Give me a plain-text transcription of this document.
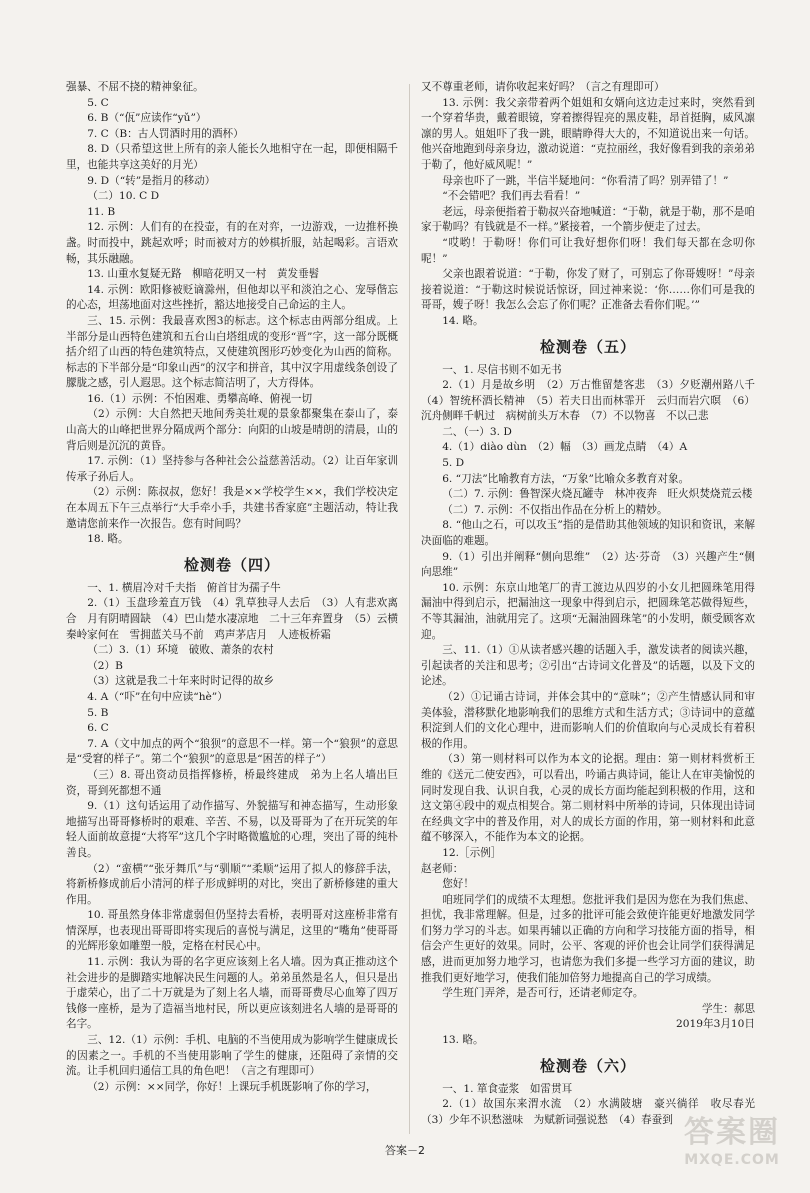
强暴、不屈不挠的精神象征。

5. C

6. B（“佤”应读作“yǔ”）

7. C（B：古人罚酒时用的酒杯）

8. D（只希望这世上所有的亲人能长久地相守在一起，即便相隔千里，也能共享这美好的月光）

9. D（“转”是指月的移动）

（二）10. C D

11. B

12. 示例：人们有的在投壶，有的在对弈，一边游戏，一边推杯换盏。时而投中，跳起欢呼；时而被对方的妙棋折服，站起喝彩。言语欢畅，其乐融融。

13. 山重水复疑无路　柳暗花明又一村　黄发垂髫

14. 示例：欧阳修被贬谪滁州，但他却以平和淡泊之心、宠辱偕忘的心态，坦荡地面对这些挫折，豁达地接受自己命运的主人。

三、15. 示例：我最喜欢图3的标志。这个标志由两部分组成。上半部分是山西特色建筑和五台山白塔组成的变形“晋”字，这一部分既概括介绍了山西的特色建筑特点，又使建筑图形巧妙变化为山西的简称。标志的下半部分是“印象山西”的汉字和拼音，其中汉字用虚线条创设了朦胧之感，引人遐思。这个标志简洁明了，大方得体。

16.（1）示例：不怕困难、勇攀高峰、俯视一切

（2）示例：大自然把天地间秀美壮观的景象都聚集在泰山了，泰山高大的山峰把世界分隔成两个部分：向阳的山坡是晴朗的清晨，山的背后则是沉沉的黄昏。

17. 示例：（1）坚持参与各种社会公益慈善活动。（2）让百年家训传承子孙后人。

（2）示例：陈叔叔，您好！我是××学校学生××，我们学校决定在本周五下午三点举行“大手牵小手，共建书香家庭”主题活动，特让我邀请您前来作一次报告。您有时间吗？

18. 略。

检测卷（四）

一、1. 横眉冷对千夫指　俯首甘为孺子牛

2.（1）玉盘珍羞直万钱　（4）乳草独寻人去后　（3）人有悲欢离合　月有阴晴圆缺　（4）巴山楚水凄凉地　二十三年弃置身　（5）云横秦岭家何在　雪拥蓝关马不前　鸡声茅店月　人迹板桥霜

（二）3.（1）环境　破败、萧条的农村

（2）B

（3）这就是我二十年来时时记得的故乡

4. A（“吓”在句中应读“hè”）

5. B

6. C

7. A（文中加点的两个“狼狈”的意思不一样。第一个“狼狈”的意思是“受窘的样子”。第二个“狼狈”的意思是“困苦的样子”）

（三）8. 哥出资动员指挥修桥，桥最终建成　弟为上名人墙出巨资，哥到死都想不通

9.（1）这句话运用了动作描写、外貌描写和神态描写，生动形象地描写出哥哥修桥时的艰难、辛苦、不易，以及哥哥为了在开玩笑的年轻人面前故意提“大将军”这几个字时略微尴尬的心理，突出了哥的纯朴善良。

（2）“蛮横”“张牙舞爪”与“驯顺”“柔顺”运用了拟人的修辞手法，将新桥修成前后小清河的样子形成鲜明的对比，突出了新桥修建的重大作用。

10. 哥虽然身体非常虚弱但仍坚持去看桥，表明哥对这座桥非常有情深厚，也表现出哥哥即将实现后的喜悦与满足，这里的“嘴角”使哥哥的光辉形象如雕塑一般，定格在村民心中。

11. 示例：我认为哥的名字更应该刻上名人墙。因为真正推动这个社会进步的是脚踏实地解决民生问题的人。弟弟虽然是名人，但只是出于虚荣心，出了二十万就是为了刻上名人墙，而哥哥费尽心血筹了四万钱修一座桥，是为了造福当地村民，所以更应该刻进名人墙的是哥哥的名字。

三、12.（1）示例：手机、电脑的不当使用成为影响学生健康成长的因素之一。手机的不当使用影响了学生的健康，还阻碍了亲情的交流。让手机回归通信工具的角色吧！（言之有理即可）

（2）示例：××同学，你好！上课玩手机既影响了你的学习，

又不尊重老师，请你收起来好吗？（言之有理即可）

13. 示例：我父亲带着两个姐姐和女婿向这边走过来时，突然看到一个穿着华贵，戴着眼镜，穿着擦得锃亮的黑皮鞋，昂首挺胸，威风凛凛的男人。姐姐吓了我一跳，眼睛睁得大大的，不知道说出来一句话。他兴奋地跑到母亲身边，激动说道：“克拉丽丝，我好像看到我的亲弟弟于勒了，他好威风呢！”

母亲也吓了一跳，半信半疑地问：“你看清了吗？别弄错了！”

“不会错吧？我们再去看看！”

老远，母亲便指着于勒叔兴奋地喊道：“于勒，就是于勒，那不是咱家于勒吗？有钱就是不一样。”紧接着，一个箭步便走了过去。

“哎哟！于勒呀！你们可让我好想你们呀！我们每天都在念叨你呢！”

父亲也跟着说道：“于勒，你发了财了，可别忘了你哥嫂呀！”母亲接着说道：“于勒这时候说话惊讶，回过神来说：‘你……你们可是我的哥哥，嫂子呀！我怎么会忘了你们呢？正准备去看你们呢。’”

14. 略。

检测卷（五）

一、1. 尽信书则不如无书

2.（1）月是故乡明　（2）万古惟留楚客悲　（3）夕贬潮州路八千　（4）智统杯酒长精神　（5）若夫日出而林霏开　云归而岩穴暝　（6）沉舟侧畔千帆过　病树前头万木春　（7）不以物喜　不以己悲

二、（一）3. D

4.（1）diào dùn　（2）幅　（3）画龙点睛　（4）A

5. D

6. “刀法”比喻教育方法，“万象”比喻众多教育对象。

（二）7. 示例：鲁智深火烧瓦罐寺　林冲夜奔　旺火炽焚烧荒云楼

（二）7. 示例：不仅指出作品在分析上的精妙。

8. “他山之石，可以攻玉”指的是借助其他领域的知识和资讯，来解决面临的难题。

9.（1）引出并阐释“侧向思维”　（2）达·芬奇　（3）兴趣产生“侧向思维”

10. 示例：东京山地笔厂的青工渡边从四岁的小女儿把圆珠笔用得漏油中得到启示，把漏油这一现象中得到启示，把圆珠笔芯做得短些，不等其漏油，油就用完了。这项“无漏油圆珠笔”的小发明，颇受顾客欢迎。

三、11.（1）①从读者感兴趣的话题入手，激发读者的阅读兴趣，引起读者的关注和思考；②引出“古诗词文化普及”的话题，以及下文的论述。

（2）①记诵古诗词，并体会其中的“意味”；②产生情感认同和审美体验，潜移默化地影响我们的思维方式和生活方式；③诗词中的意蕴积淀到人们的文化心理中，进而影响人们的价值取向与心灵成长有着积极的作用。

（3）第一则材料可以作为本文的论据。理由：第一则材料赏析王维的《送元二使安西》，可以看出，吟诵古典诗词，能让人在审美愉悦的同时发现自我、认识自我，心灵的成长方面均能起到积极的作用，这和这文第④段中的观点相契合。第二则材料中所举的诗词，只体现出诗词在经典文字中的普及作用，对人的成长方面的作用，第一则材料和此意蕴不够深入，不能作为本文的论据。

12.［示例］

赵老师：

您好！

咱班同学们的成绩不太理想。您批评我们是因为您在为我们焦虑、担忧，我非常理解。但是，过多的批评可能会致使许能更好地激发同学们努力学习的斗志。如果再辅以正确的方向和学习技能方面的指导，相信会产生更好的效果。同时，公平、客观的评价也会让同学们获得满足感，进而更加努力地学习，也请您为我们多提一些学习方面的建议，助推我们更好地学习，使我们能加倍努力地提高自己的学习成绩。

学生班门弄斧，是否可行，还请老师定夺。

学生：郝思

2019年3月10日

13. 略。

检测卷（六）

一、1. 箪食壶浆　如雷贯耳

2.（1）故国东来渭水流　（2）水满陂塘　豪兴徜徉　收尽春光　（3）少年不识愁滋味　为赋新词强说愁　（4）春蚕到

答案－2
答案圈
MXQE.COM
